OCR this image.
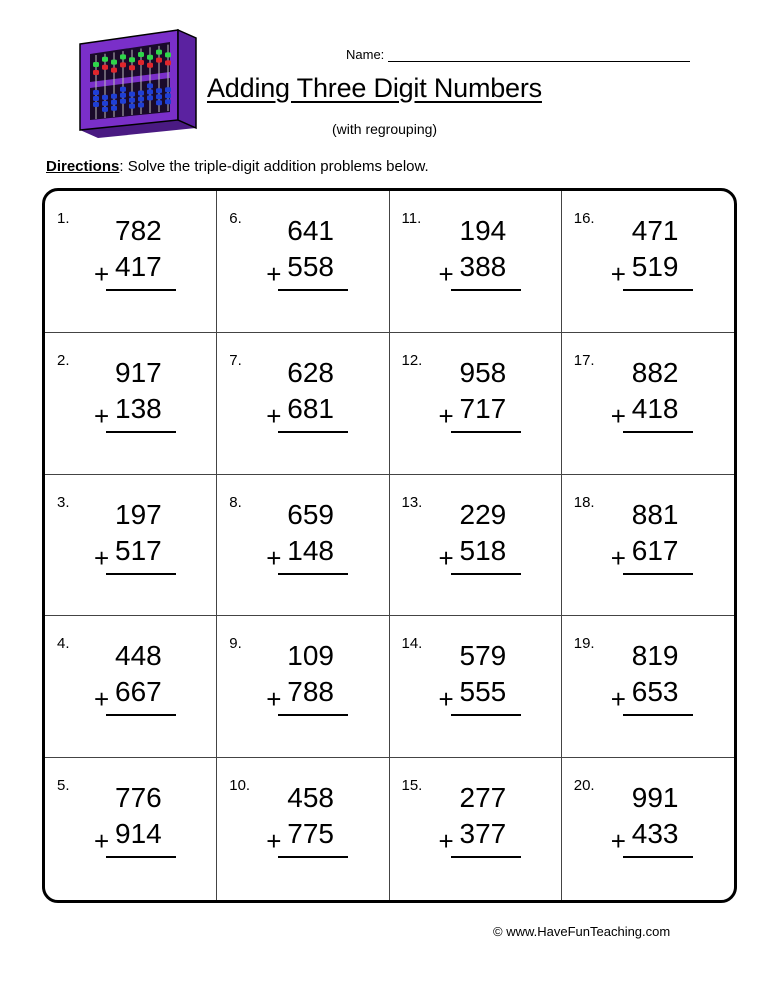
Name:
Adding Three Digit Numbers
(with regrouping)
Directions: Solve the triple-digit addition problems below.
1. 782
+ 417
6. 641
+ 558
11. 194
+ 388
16. 471
+ 519
2. 917
+ 138
7. 628
+ 681
12. 958
+ 717
17. 882
+ 418
3. 197
+ 517
8. 659
+ 148
13. 229
+ 518
18. 881
+ 617
4. 448
+ 667
9. 109
+ 788
14. 579
+ 555
19. 819
+ 653
5. 776
+ 914
10. 458
+ 775
15. 277
+ 377
20. 991
+ 433
© www.HaveFunTeaching.com
